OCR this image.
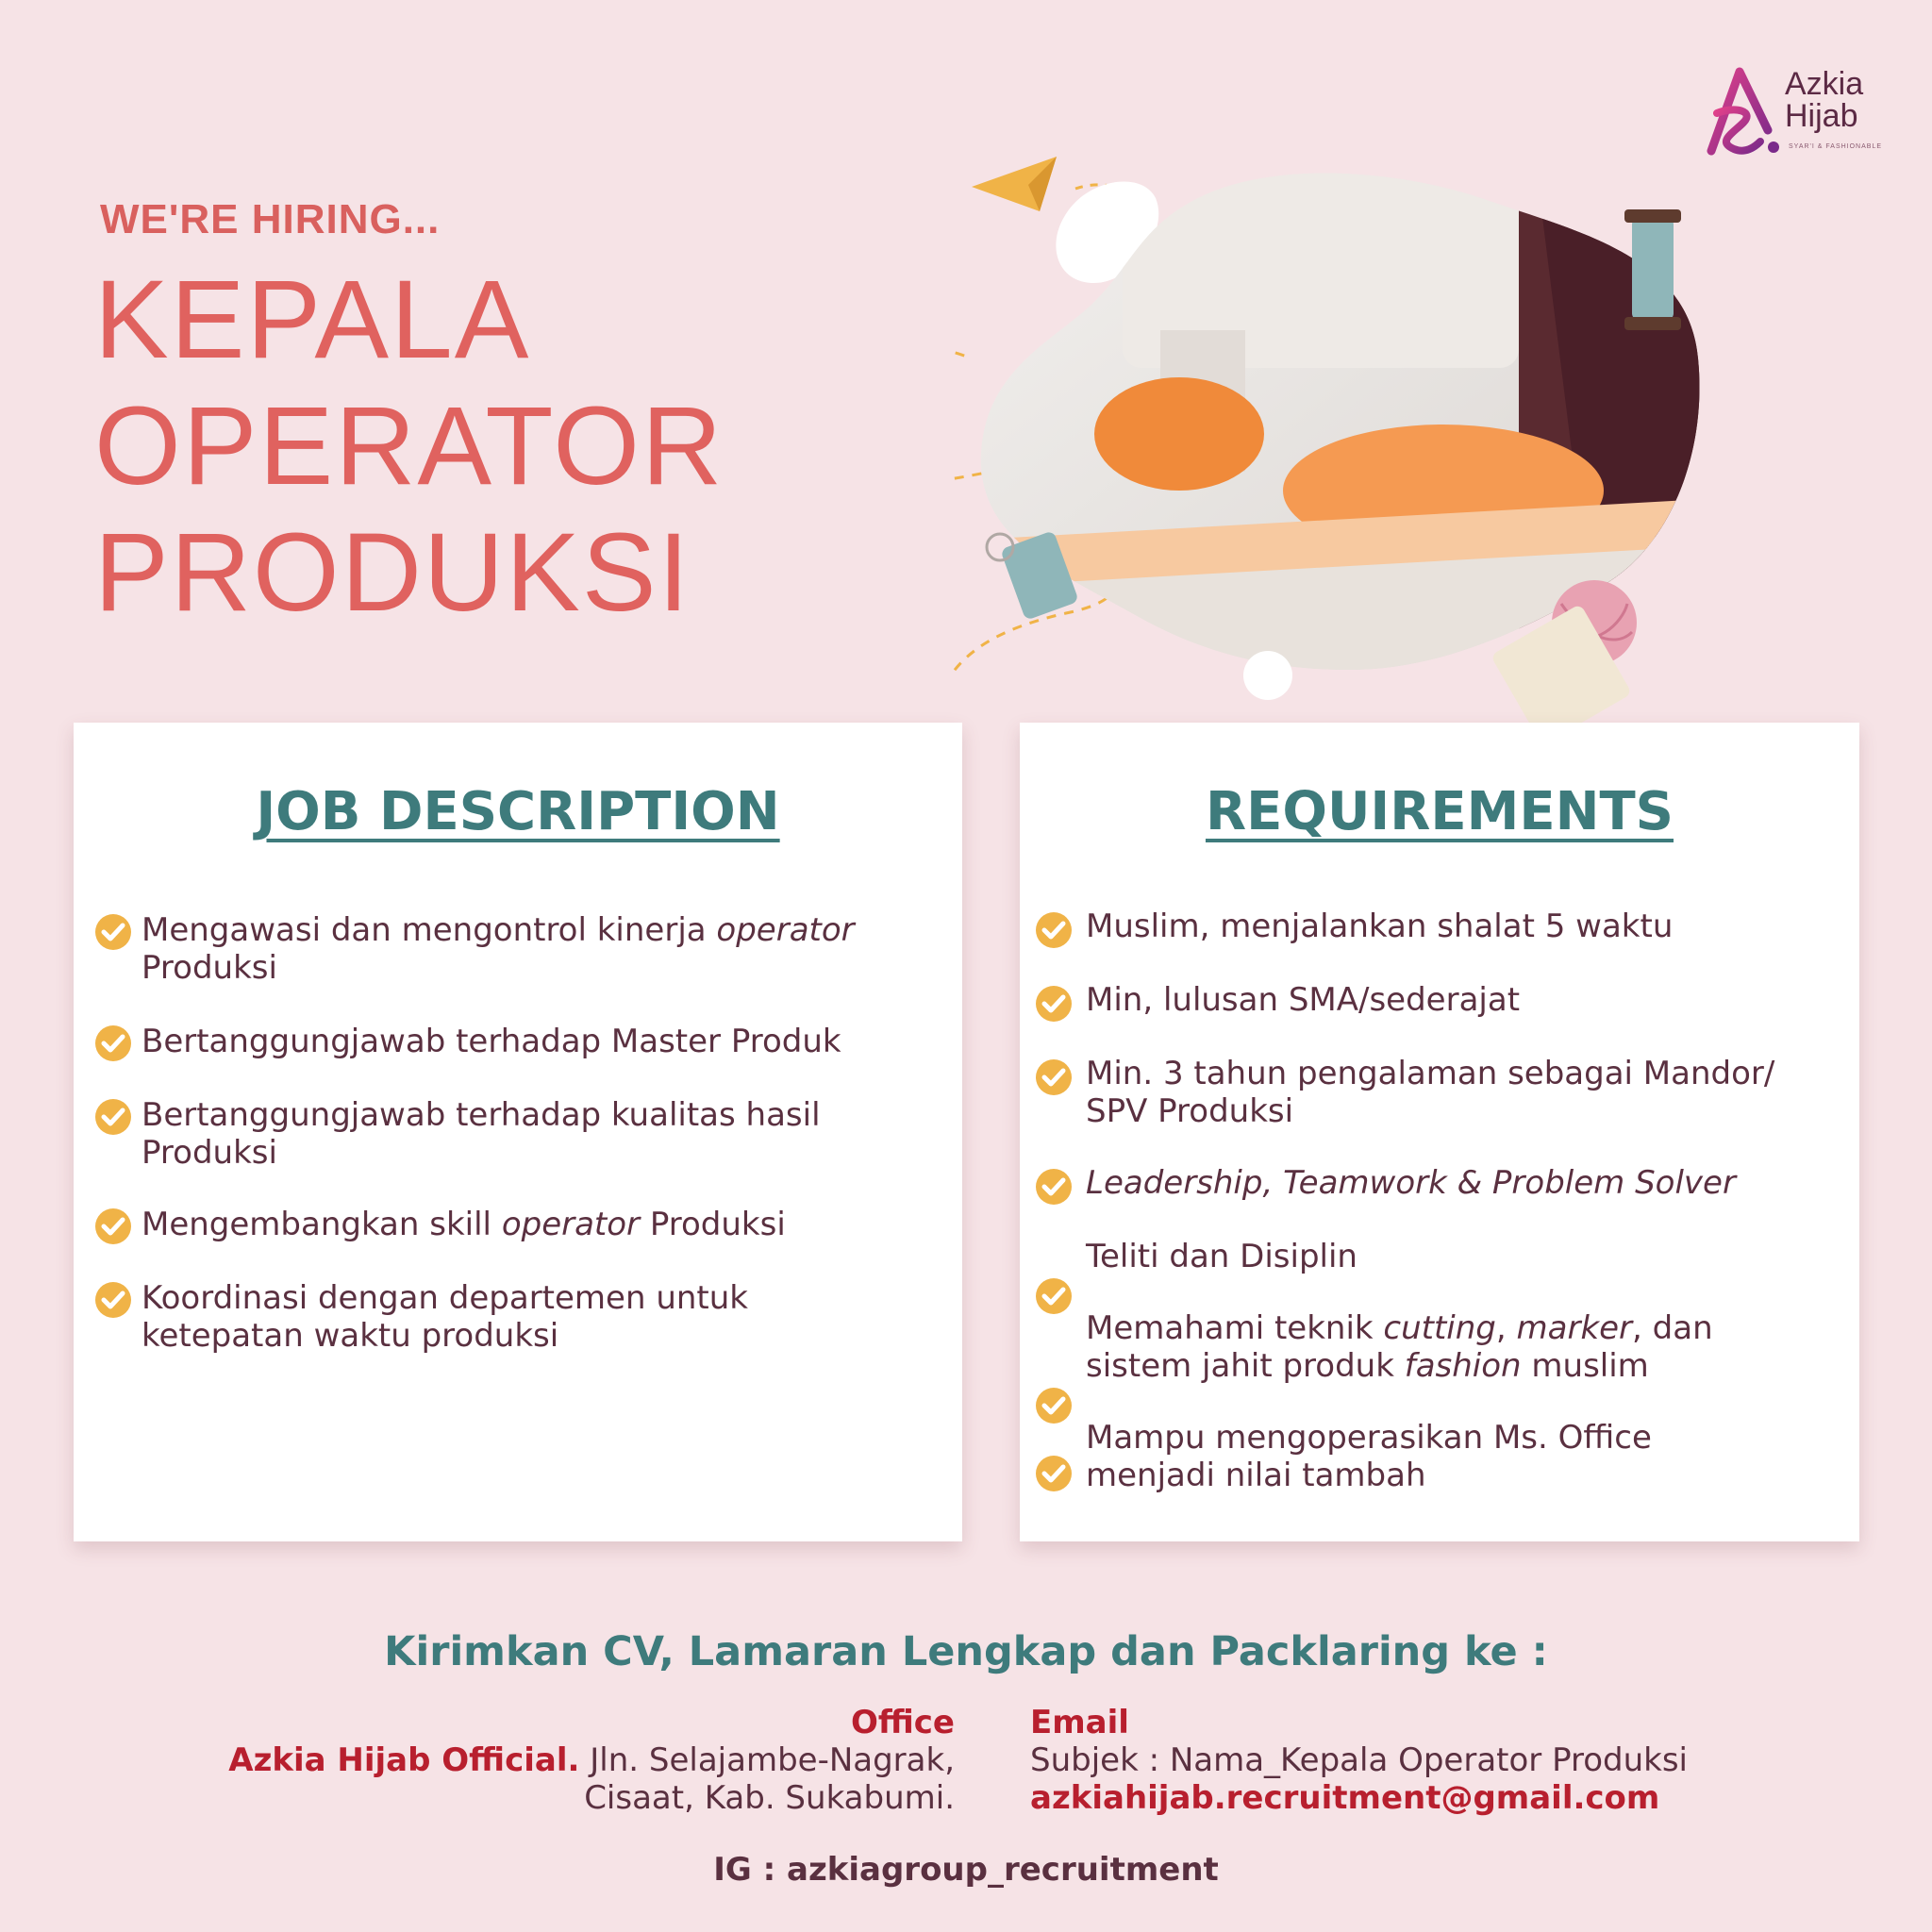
Azkia
Hijab
SYAR'I & FASHIONABLE
WE'RE HIRING...
KEPALA
OPERATOR
PRODUKSI
JOB DESCRIPTION
Mengawasi dan mengontrol kinerja operator
Produksi
Bertanggungjawab terhadap Master Produk
Bertanggungjawab terhadap kualitas hasil
Produksi
Mengembangkan skill operator Produksi
Koordinasi dengan departemen untuk
ketepatan waktu produksi
REQUIREMENTS
Muslim, menjalankan shalat 5 waktu
Min, lulusan SMA/sederajat
Min. 3 tahun pengalaman sebagai Mandor/
SPV Produksi
Leadership, Teamwork & Problem Solver
Teliti dan Disiplin
Memahami teknik cutting, marker, dan
sistem jahit produk fashion muslim
Mampu mengoperasikan Ms. Office
menjadi nilai tambah
Kirimkan CV, Lamaran Lengkap dan Packlaring ke :
Office
Azkia Hijab Official. Jln. Selajambe-Nagrak,
Cisaat, Kab. Sukabumi.
Email
Subjek : Nama_Kepala Operator Produksi
azkiahijab.recruitment@gmail.com
IG : azkiagroup_recruitment
